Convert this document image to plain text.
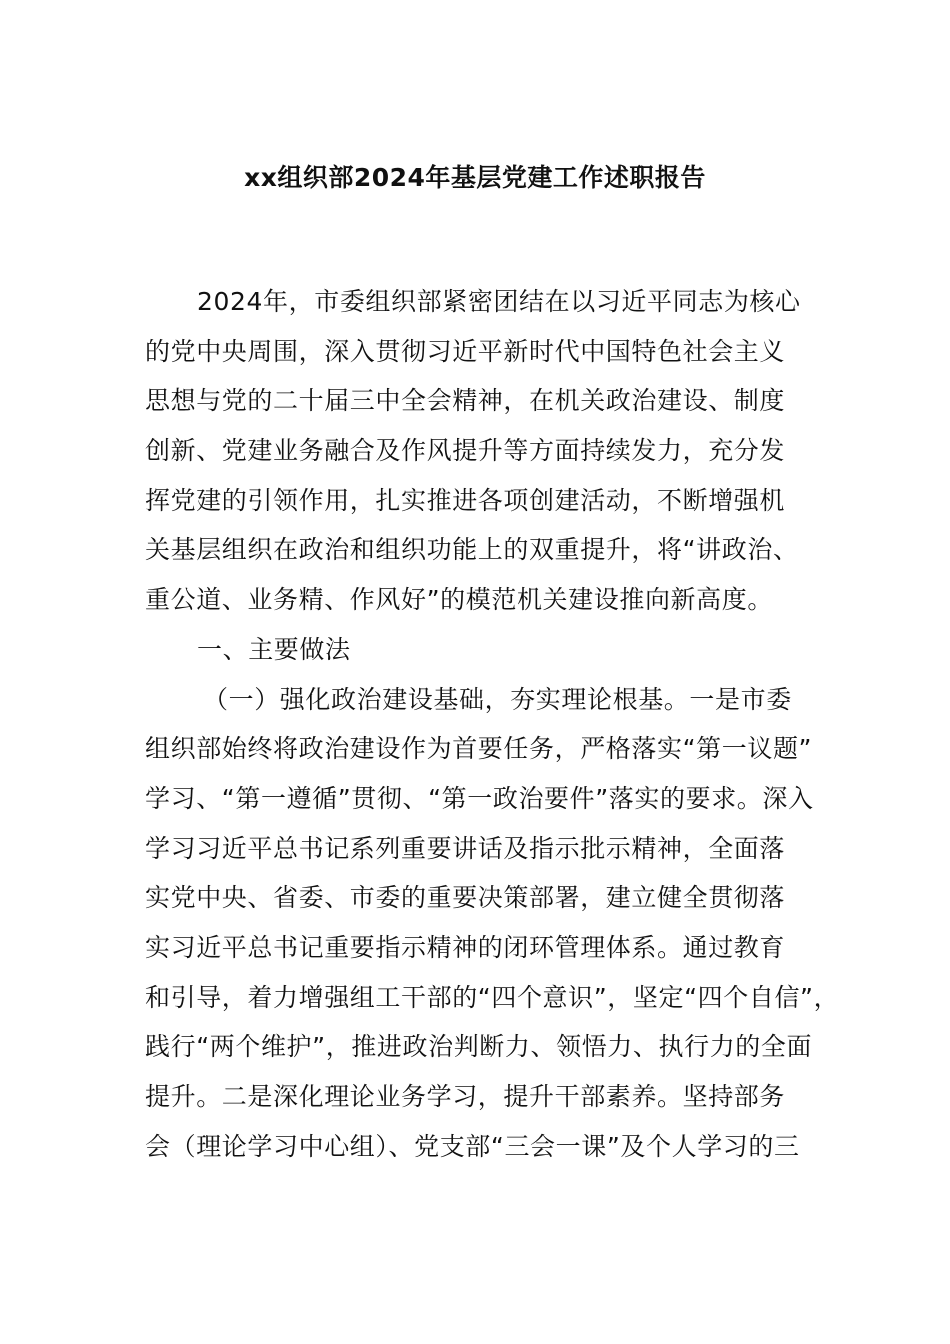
xx组织部2024年基层党建工作述职报告
2024年，市委组织部紧密团结在以习近平同志为核心
的党中央周围，深入贯彻习近平新时代中国特色社会主义
思想与党的二十届三中全会精神，在机关政治建设、制度
创新、党建业务融合及作风提升等方面持续发力，充分发
挥党建的引领作用，扎实推进各项创建活动，不断增强机
关基层组织在政治和组织功能上的双重提升，将“讲政治、
重公道、业务精、作风好”的模范机关建设推向新高度。
一、主要做法
（一）强化政治建设基础，夯实理论根基。一是市委
组织部始终将政治建设作为首要任务，严格落实“第一议题”
学习、“第一遵循”贯彻、“第一政治要件”落实的要求。深入
学习习近平总书记系列重要讲话及指示批示精神，全面落
实党中央、省委、市委的重要决策部署，建立健全贯彻落
实习近平总书记重要指示精神的闭环管理体系。通过教育
和引导，着力增强组工干部的“四个意识”，坚定“四个自信”，
践行“两个维护”，推进政治判断力、领悟力、执行力的全面
提升。二是深化理论业务学习，提升干部素养。坚持部务
会（理论学习中心组）、党支部“三会一课”及个人学习的三
